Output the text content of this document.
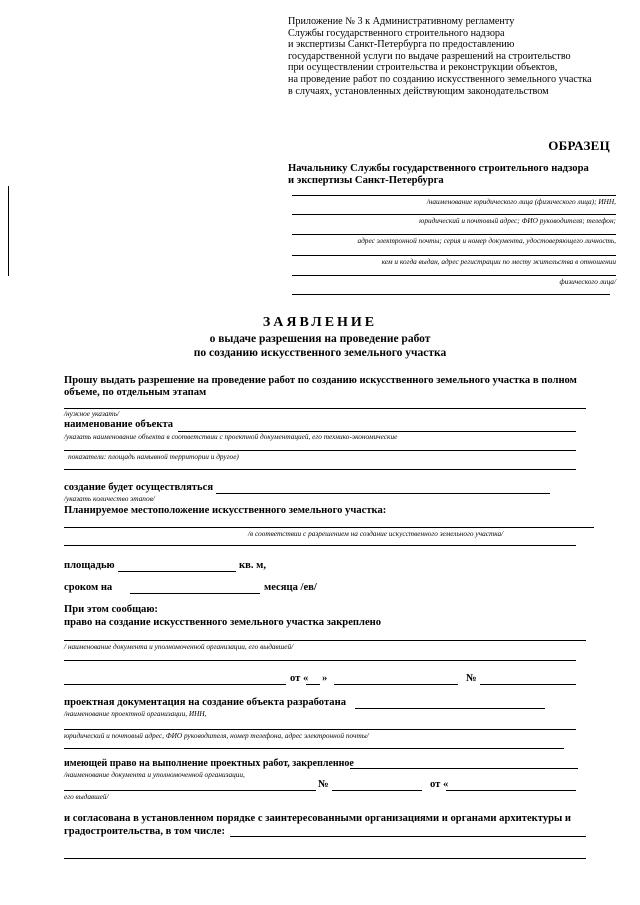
Приложение № 3 к Административному регламенту
Службы государственного строительного надзора
и экспертизы Санкт-Петербурга по предоставлению
государственной услуги по выдаче разрешений на строительство
при осуществлении строительства и реконструкции объектов,
на проведение работ по созданию искусственного земельного участка
в случаях, установленных действующим законодательством
ОБРАЗЕЦ
Начальнику Службы государственного строительного надзора
и экспертизы Санкт-Петербурга
/наименование юридического лица (физического лица); ИНН,
юридический и почтовый адрес; ФИО руководителя; телефон;
адрес электронной почты; серия и номер документа, удостоверяющего личность,
кем и когда выдан, адрес регистрации по месту жительства в отношении
физического лица/
ЗАЯВЛЕНИЕ
о выдаче разрешения на проведение работ
по созданию искусственного земельного участка
Прошу выдать разрешение на проведение работ по созданию искусственного земельного участка в полном
объеме, по отдельным этапам
/нужное указать/
наименование объекта
/указать наименование объекта в соответствии с проектной документацией, его технико-экономические
показатели: площадь намывной территории и другое)
создание будет осуществляться
/указать количество этапов/
Планируемое местоположение искусственного земельного участка:
/в соответствии с разрешением на создание искусственного земельного участка/
площадью	кв. м,
сроком на	месяца /ев/
При этом сообщаю:
право на создание искусственного земельного участка закреплено
/ наименование документа и уполномоченной организации, его выдавшей/
от « »	№
проектная документация на создание объекта разработана
/наименование проектной организации, ИНН,
юридический и почтовый адрес, ФИО руководителя, номер телефона, адрес электронной почты/
имеющей право на выполнение проектных работ, закрепленное
/наименование документа и уполномоченной организации,
№	от «
его выдавшей/
и согласована в установленном порядке с заинтересованными организациями и органами архитектуры и
градостроительства, в том числе:
